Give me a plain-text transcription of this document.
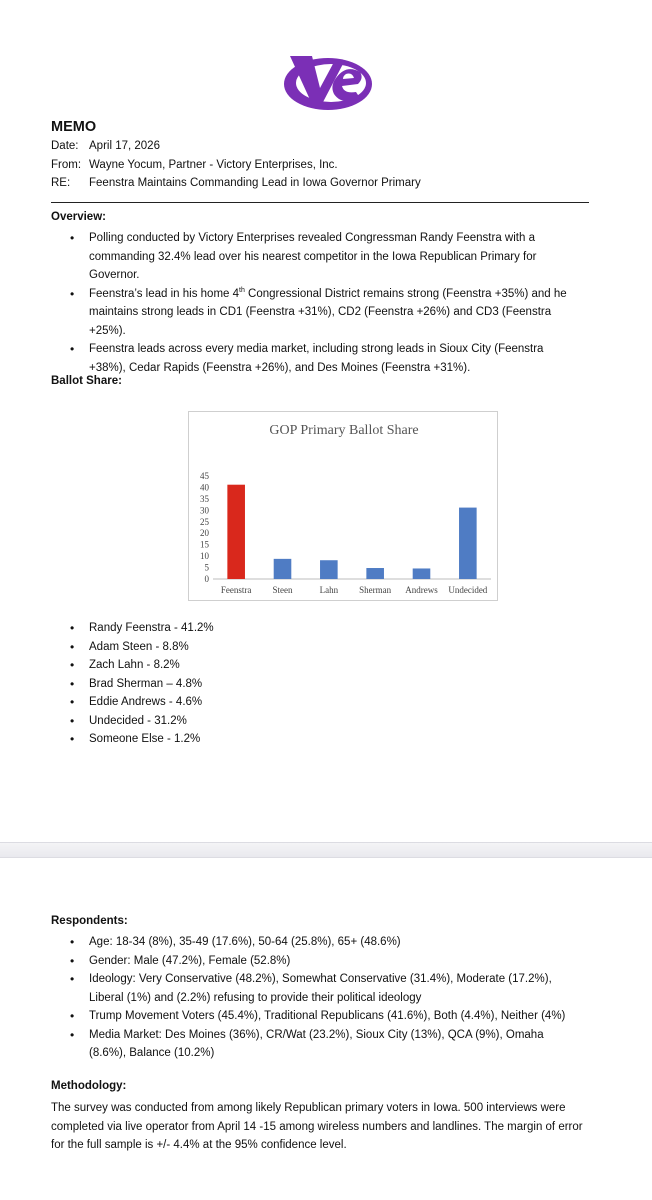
MEMO
Date: April 17, 2026
From: Wayne Yocum, Partner - Victory Enterprises, Inc.
RE: Feenstra Maintains Commanding Lead in Iowa Governor Primary
Overview:
• Polling conducted by Victory Enterprises revealed Congressman Randy Feenstra with a commanding 32.4% lead over his nearest competitor in the Iowa Republican Primary for Governor.
• Feenstra’s lead in his home 4th Congressional District remains strong (Feenstra +35%) and he maintains strong leads in CD1 (Feenstra +31%), CD2 (Feenstra +26%) and CD3 (Feenstra +25%).
• Feenstra leads across every media market, including strong leads in Sioux City (Feenstra +38%), Cedar Rapids (Feenstra +26%), and Des Moines (Feenstra +31%).
Ballot Share:
GOP Primary Ballot Share
0
5
10
15
20
25
30
35
40
45
Feenstra Steen	Lahn Sherman Andrews Undecided
• Randy Feenstra - 41.2%
• Adam Steen - 8.8%
• Zach Lahn - 8.2%
• Brad Sherman – 4.8%
• Eddie Andrews - 4.6%
• Undecided - 31.2%
• Someone Else - 1.2%
Respondents:
• Age: 18-34 (8%), 35-49 (17.6%), 50-64 (25.8%), 65+ (48.6%)
• Gender: Male (47.2%), Female (52.8%)
• Ideology: Very Conservative (48.2%), Somewhat Conservative (31.4%), Moderate (17.2%), Liberal (1%) and (2.2%) refusing to provide their political ideology
• Trump Movement Voters (45.4%), Traditional Republicans (41.6%), Both (4.4%), Neither (4%)
• Media Market: Des Moines (36%), CR/Wat (23.2%), Sioux City (13%), QCA (9%), Omaha (8.6%), Balance (10.2%)
Methodology:
The survey was conducted from among likely Republican primary voters in Iowa. 500 interviews were completed via live operator from April 14 -15 among wireless numbers and landlines. The margin of error for the full sample is +/- 4.4% at the 95% confidence level.
